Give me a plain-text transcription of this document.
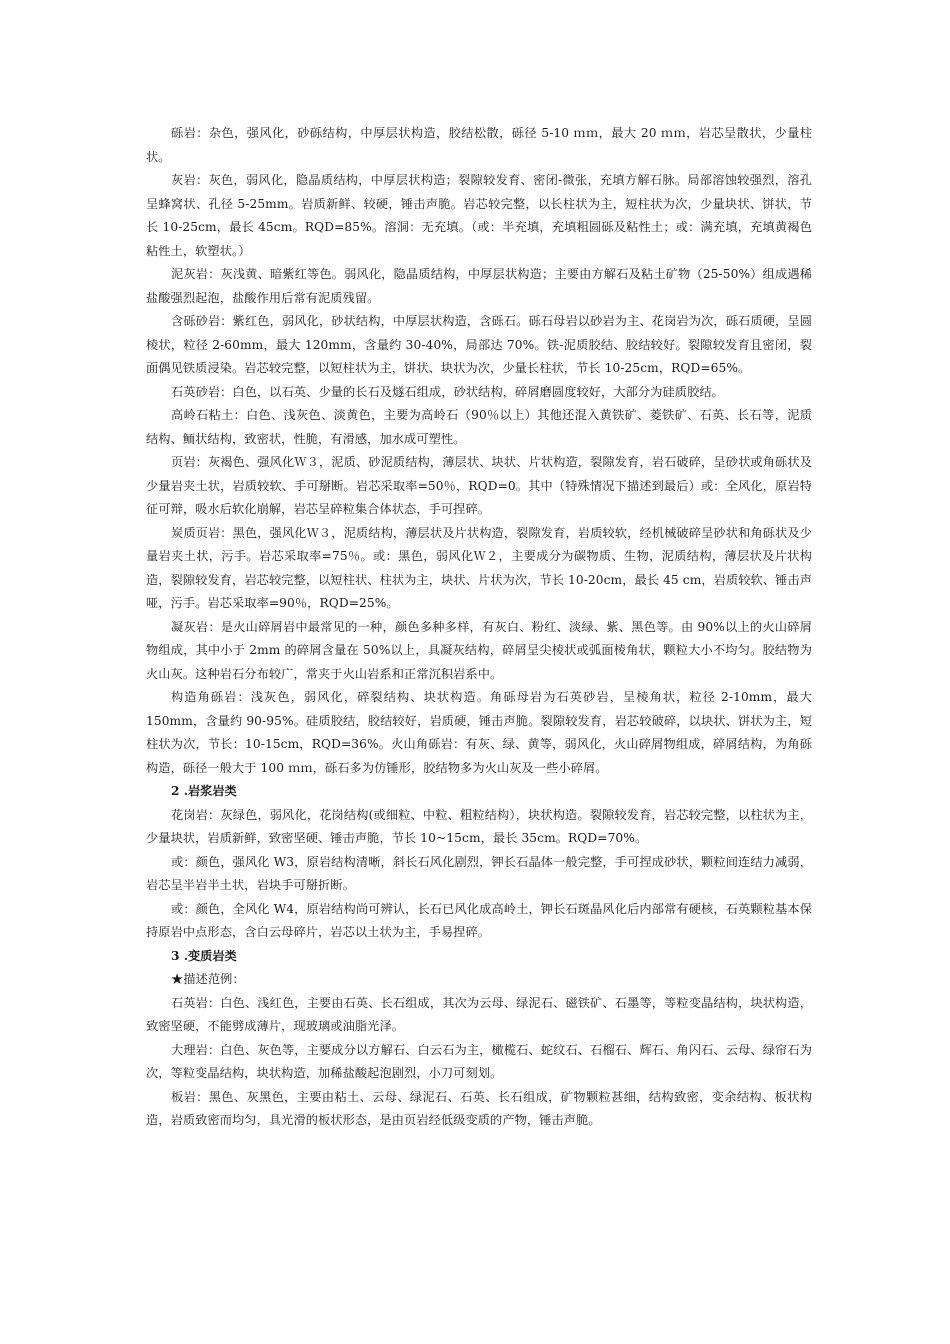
砾岩：杂色，强风化，砂砾结构，中厚层状构造，胶结松散，砾径 5-10 ｍｍ，最大 20 ｍｍ，岩芯呈散状，少量柱状。

灰岩：灰色，弱风化，隐晶质结构，中厚层状构造；裂隙较发育、密闭-微张，充填方解石脉。局部溶蚀较强烈，溶孔呈蜂窝状、孔径 5-25mm。岩质新鲜、较硬，锤击声脆。岩芯较完整，以长柱状为主，短柱状为次，少量块状、饼状，节长 10-25cm，最长 45cm。RQD=85%。溶洞：无充填。（或：半充填，充填粗圆砾及粘性土；或：满充填，充填黄褐色粘性土，软塑状。）

泥灰岩：灰浅黄、暗紫红等色。弱风化，隐晶质结构，中厚层状构造；主要由方解石及粘土矿物（25-50%）组成遇稀盐酸强烈起泡，盐酸作用后常有泥质残留。

含砾砂岩：紫红色，弱风化，砂状结构，中厚层状构造，含砾石。砾石母岩以砂岩为主、花岗岩为次，砾石质硬，呈圆棱状，粒径 2-60mm，最大 120mm，含量约 30-40%，局部达 70%。铁-泥质胶结、胶结较好。裂隙较发育且密闭，裂面偶见铁质浸染。岩芯较完整，以短柱状为主，饼状、块状为次，少量长柱状，节长 10-25cm，RQD=65%。

石英砂岩：白色，以石英、少量的长石及燧石组成，砂状结构，碎屑磨圆度较好，大部分为硅质胶结。

高岭石粘土：白色、浅灰色、淡黄色，主要为高岭石（90％以上）其他还混入黄铁矿、菱铁矿、石英、长石等，泥质结构、鲕状结构，致密状，性脆，有滑感，加水成可塑性。

页岩：灰褐色、强风化Ｗ３，泥质、砂泥质结构，薄层状、块状、片状构造，裂隙发育，岩石破碎，呈砂状或角砾状及少量岩夹土状，岩质较软、手可掰断。岩芯采取率=50％，RQD=0。其中（特殊情况下描述到最后）或：全风化，原岩特征可辩，吸水后软化崩解，岩芯呈碎粒集合体状态，手可捏碎。

炭质页岩：黑色，强风化Ｗ３，泥质结构，薄层状及片状构造，裂隙发育，岩质较软，经机械破碎呈砂状和角砾状及少量岩夹土状，污手。岩芯采取率=75％。或：黑色，弱风化Ｗ２，主要成分为碳物质、生物，泥质结构，薄层状及片状构造，裂隙较发育，岩芯较完整，以短柱状、柱状为主，块状、片状为次，节长 10-20cm，最长 45 cm，岩质较软、锤击声哑，污手。岩芯采取率=90％，RQD=25%。

凝灰岩：是火山碎屑岩中最常见的一种，颜色多种多样，有灰白、粉红、淡绿、紫、黑色等。由 90%以上的火山碎屑物组成，其中小于 2mm 的碎屑含量在 50%以上，具凝灰结构，碎屑呈尖棱状或弧面棱角状，颗粒大小不均匀。胶结物为火山灰。这种岩石分布较广，常夹于火山岩系和正常沉积岩系中。

构造角砾岩：浅灰色，弱风化，碎裂结构、块状构造。角砾母岩为石英砂岩，呈棱角状，粒径 2-10mm，最大 150mm，含量约 90-95%。硅质胶结，胶结较好，岩质硬，锤击声脆。裂隙较发育，岩芯较破碎，以块状、饼状为主，短柱状为次，节长：10-15cm，RQD=36%。火山角砾岩：有灰、绿、黄等，弱风化，火山碎屑物组成，碎屑结构，为角砾构造，砾径一般大于 100 ｍｍ，砾石多为仿锤形，胶结物多为火山灰及一些小碎屑。

2 .岩浆岩类

花岗岩：灰绿色，弱风化，花岗结构(或细粒、中粒、粗粒结构），块状构造。裂隙较发育，岩芯较完整，以柱状为主，少量块状，岩质新鲜，致密坚硬、锤击声脆，节长 10~15cm，最长 35cm。RQD=70%。

或：颜色，强风化 W3，原岩结构清晰，斜长石风化剧烈，钾长石晶体一般完整，手可捏成砂状，颗粒间连结力减弱，岩芯呈半岩半土状，岩块手可掰折断。

或：颜色，全风化 W4，原岩结构尚可辨认，长石已风化成高岭土，钾长石斑晶风化后内部常有硬核，石英颗粒基本保持原岩中点形态，含白云母碎片，岩芯以土状为主，手易捏碎。

3 .变质岩类

★描述范例：

石英岩：白色、浅红色，主要由石英、长石组成，其次为云母、绿泥石、磁铁矿、石墨等，等粒变晶结构，块状构造，致密坚硬，不能劈成薄片，现玻璃或油脂光泽。

大理岩：白色、灰色等，主要成分以方解石、白云石为主，橄榄石、蛇纹石、石榴石、辉石、角闪石、云母、绿帘石为次，等粒变晶结构，块状构造，加稀盐酸起泡剧烈，小刀可刻划。

板岩：黑色、灰黑色，主要由粘土、云母、绿泥石、石英、长石组成，矿物颗粒甚细，结构致密，变余结构、板状构造，岩质致密而均匀，具光滑的板状形态，是由页岩经低级变质的产物，锤击声脆。
